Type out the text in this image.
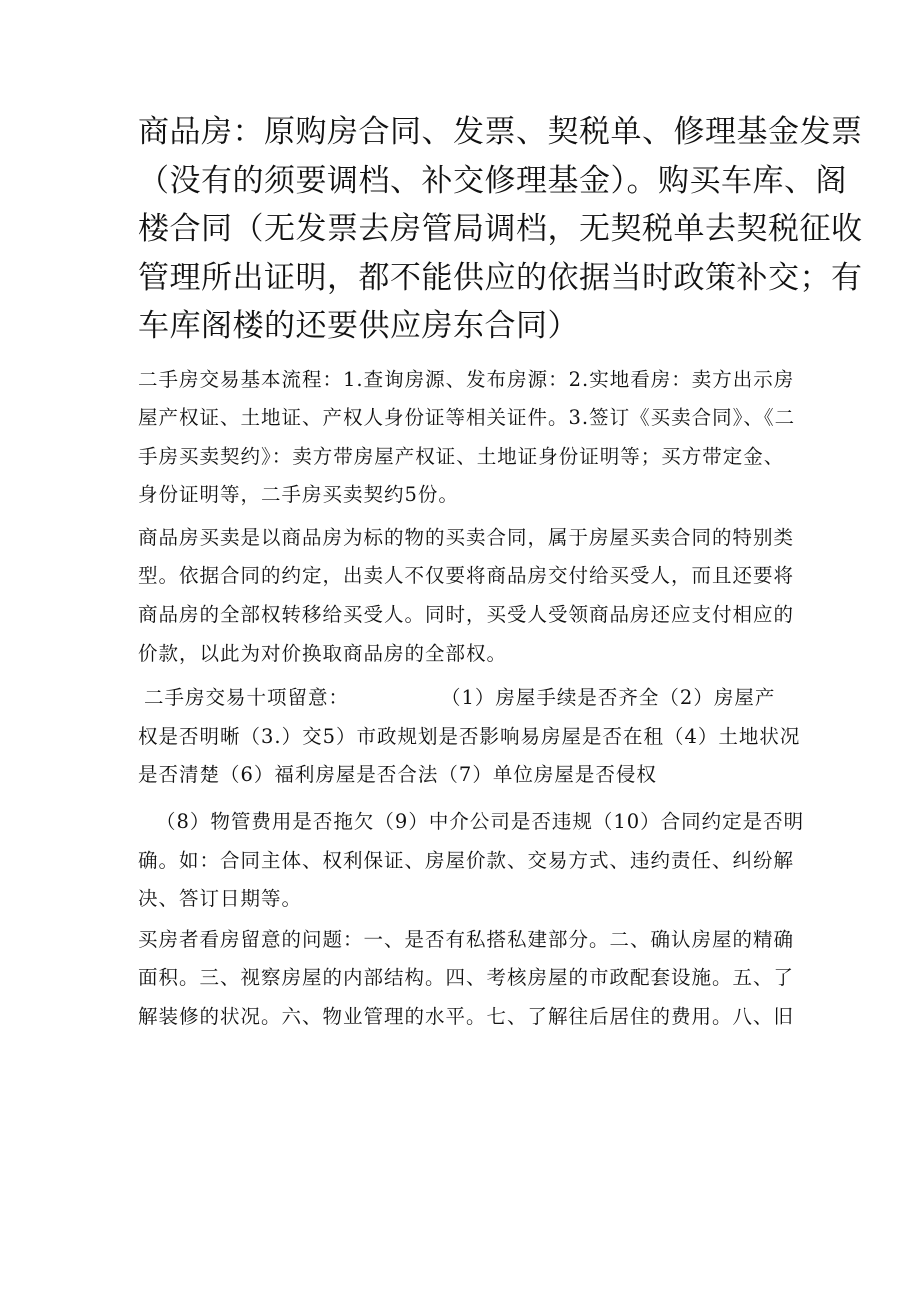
商品房：原购房合同、发票、契税单、修理基金发票
（没有的须要调档、补交修理基金）。购买车库、阁
楼合同（无发票去房管局调档，无契税单去契税征收
管理所出证明，都不能供应的依据当时政策补交；有
车库阁楼的还要供应房东合同）

二手房交易基本流程：1.查询房源、发布房源：2.实地看房：卖方出示房
屋产权证、土地证、产权人身份证等相关证件。3.签订《买卖合同》、《二
手房买卖契约》：卖方带房屋产权证、土地证身份证明等；买方带定金、
身份证明等，二手房买卖契约5份。

商品房买卖是以商品房为标的物的买卖合同，属于房屋买卖合同的特别类
型。依据合同的约定，出卖人不仅要将商品房交付给买受人，而且还要将
商品房的全部权转移给买受人。同时，买受人受领商品房还应支付相应的
价款，以此为对价换取商品房的全部权。

二手房交易十项留意：	（1）房屋手续是否齐全（2）房屋产
权是否明晰（3.）交5）市政规划是否影响易房屋是否在租（4）土地状况
是否清楚（6）福利房屋是否合法（7）单位房屋是否侵权

（8）物管费用是否拖欠（9）中介公司是否违规（10）合同约定是否明
确。如：合同主体、权利保证、房屋价款、交易方式、违约责任、纠纷解
决、答订日期等。

买房者看房留意的问题：一、是否有私搭私建部分。二、确认房屋的精确
面积。三、视察房屋的内部结构。四、考核房屋的市政配套设施。五、了
解装修的状况。六、物业管理的水平。七、了解往后居住的费用。八、旧
